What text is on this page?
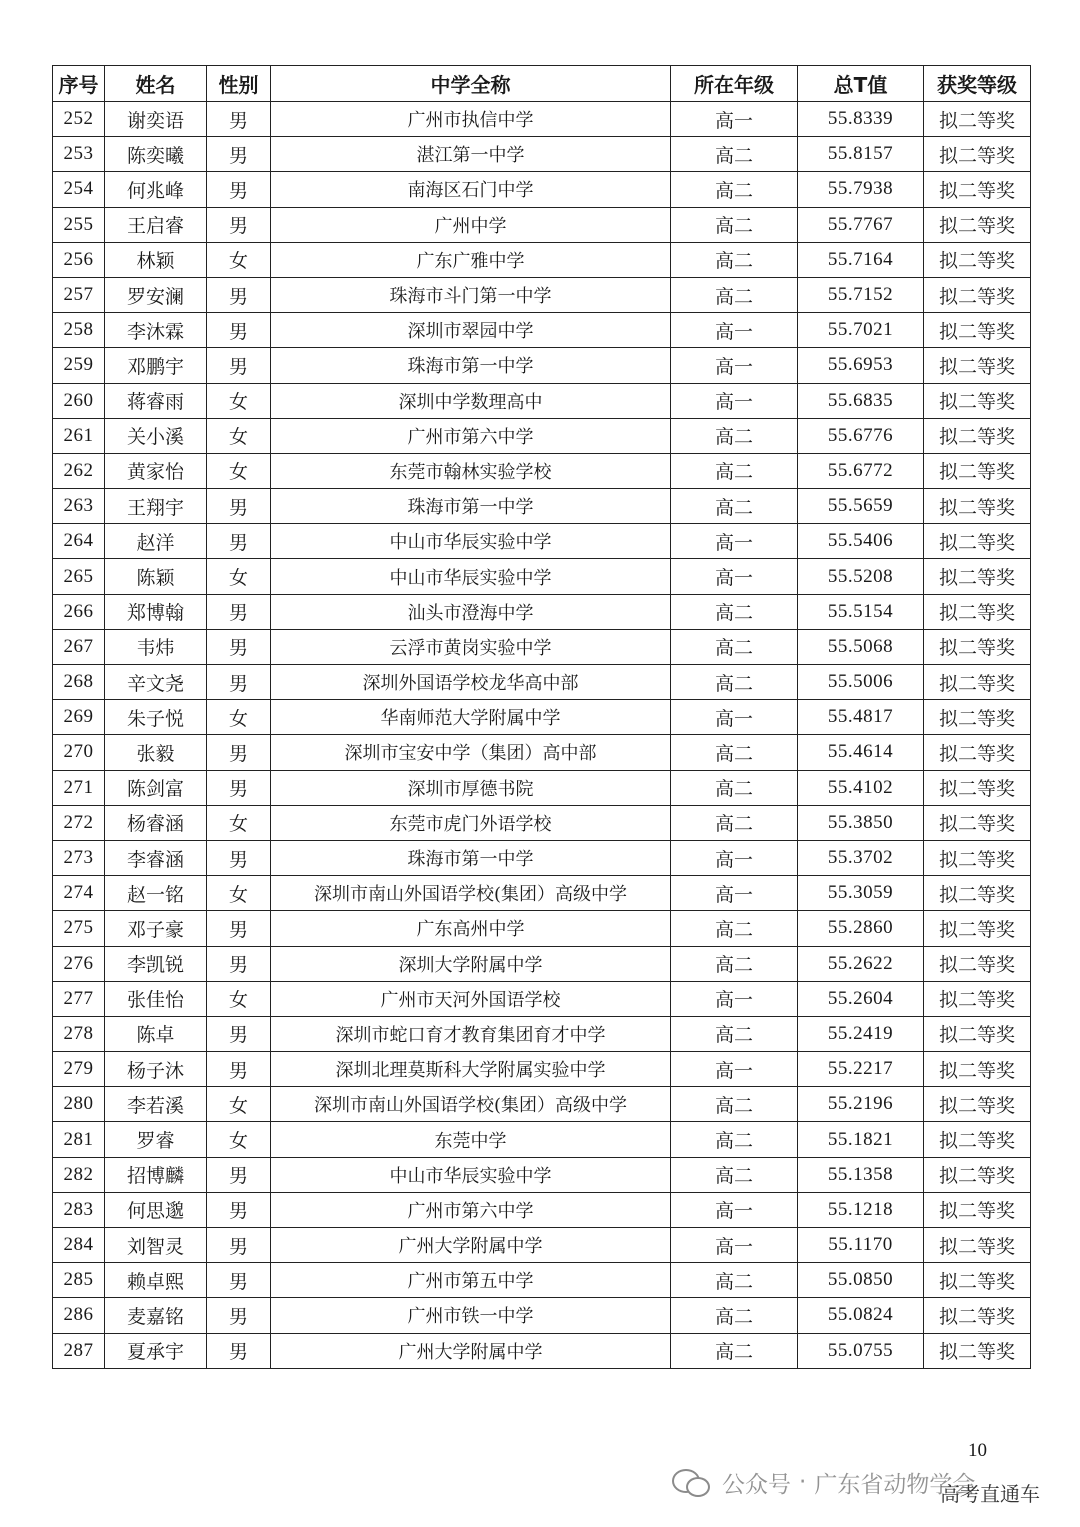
序号	姓名	性别	中学全称	所在年级	总T值	获奖等级
252	谢奕语	男	广州市执信中学	高一	55.8339	拟二等奖
253	陈奕曦	男	湛江第一中学	高二	55.8157	拟二等奖
254	何兆峰	男	南海区石门中学	高二	55.7938	拟二等奖
255	王启睿	男	广州中学	高二	55.7767	拟二等奖
256	林颖	女	广东广雅中学	高二	55.7164	拟二等奖
257	罗安澜	男	珠海市斗门第一中学	高二	55.7152	拟二等奖
258	李沐霖	男	深圳市翠园中学	高一	55.7021	拟二等奖
259	邓鹏宇	男	珠海市第一中学	高一	55.6953	拟二等奖
260	蒋睿雨	女	深圳中学数理高中	高一	55.6835	拟二等奖
261	关小溪	女	广州市第六中学	高二	55.6776	拟二等奖
262	黄家怡	女	东莞市翰林实验学校	高二	55.6772	拟二等奖
263	王翔宇	男	珠海市第一中学	高二	55.5659	拟二等奖
264	赵洋	男	中山市华辰实验中学	高一	55.5406	拟二等奖
265	陈颖	女	中山市华辰实验中学	高一	55.5208	拟二等奖
266	郑博翰	男	汕头市澄海中学	高二	55.5154	拟二等奖
267	韦炜	男	云浮市黄岗实验中学	高二	55.5068	拟二等奖
268	辛文尧	男	深圳外国语学校龙华高中部	高二	55.5006	拟二等奖
269	朱子悦	女	华南师范大学附属中学	高一	55.4817	拟二等奖
270	张毅	男	深圳市宝安中学（集团）高中部	高二	55.4614	拟二等奖
271	陈剑富	男	深圳市厚德书院	高二	55.4102	拟二等奖
272	杨睿涵	女	东莞市虎门外语学校	高二	55.3850	拟二等奖
273	李睿涵	男	珠海市第一中学	高一	55.3702	拟二等奖
274	赵一铭	女	深圳市南山外国语学校(集团）高级中学	高一	55.3059	拟二等奖
275	邓子豪	男	广东高州中学	高二	55.2860	拟二等奖
276	李凯锐	男	深圳大学附属中学	高二	55.2622	拟二等奖
277	张佳怡	女	广州市天河外国语学校	高一	55.2604	拟二等奖
278	陈卓	男	深圳市蛇口育才教育集团育才中学	高二	55.2419	拟二等奖
279	杨子沐	男	深圳北理莫斯科大学附属实验中学	高一	55.2217	拟二等奖
280	李若溪	女	深圳市南山外国语学校(集团）高级中学	高二	55.2196	拟二等奖
281	罗睿	女	东莞中学	高二	55.1821	拟二等奖
282	招博麟	男	中山市华辰实验中学	高二	55.1358	拟二等奖
283	何思邈	男	广州市第六中学	高一	55.1218	拟二等奖
284	刘智灵	男	广州大学附属中学	高一	55.1170	拟二等奖
285	赖卓熙	男	广州市第五中学	高二	55.0850	拟二等奖
286	麦嘉铭	男	广州市铁一中学	高二	55.0824	拟二等奖
287	夏承宇	男	广州大学附属中学	高二	55.0755	拟二等奖
10
公众号 · 广东省动物学会
高考直通车
